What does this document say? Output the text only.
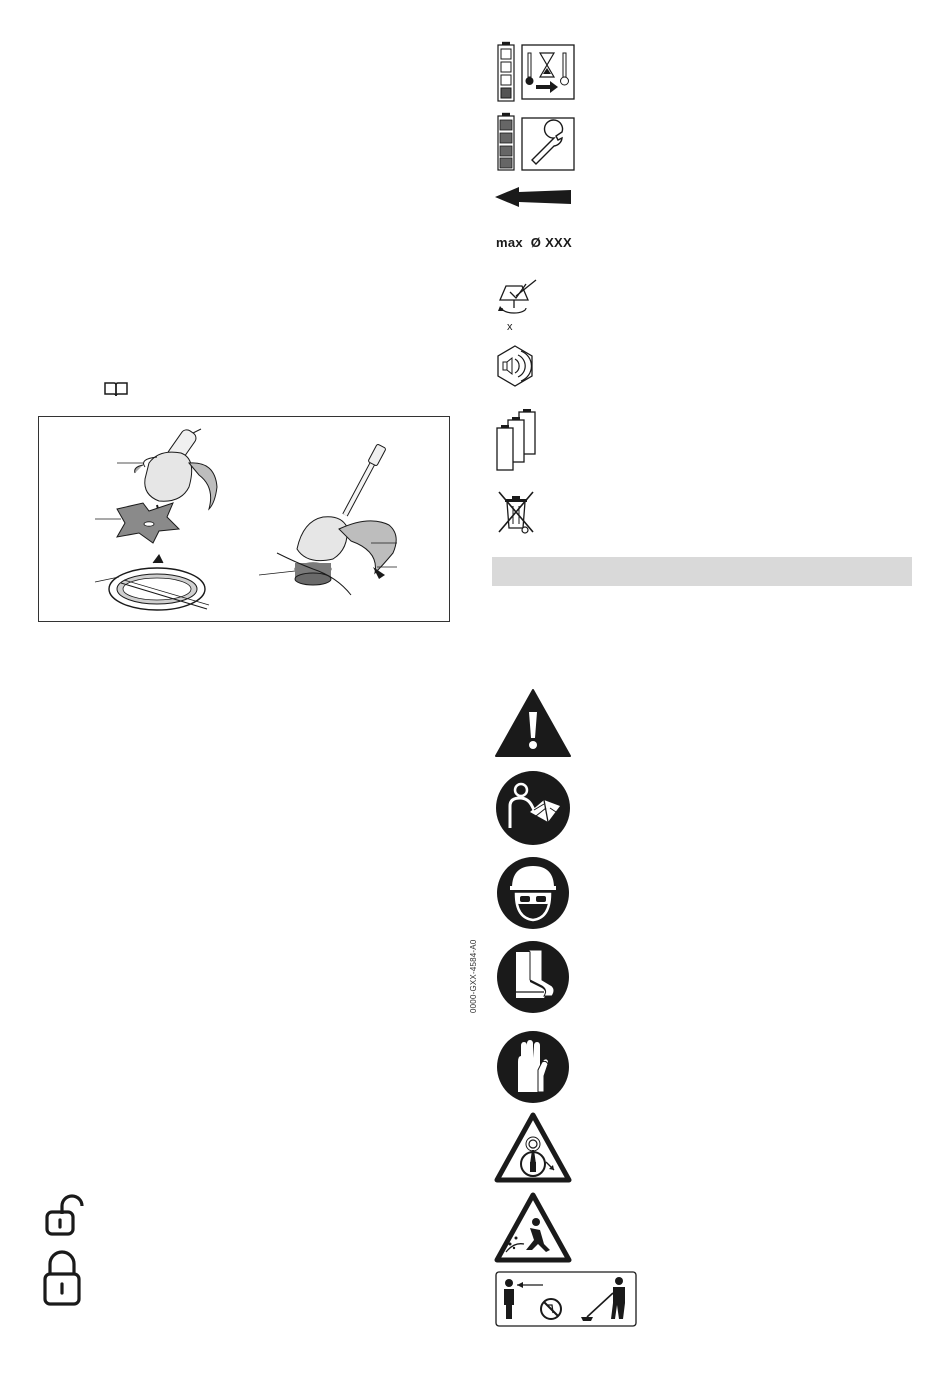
0000-GXX-4584-A0
max  Ø XXX
x
